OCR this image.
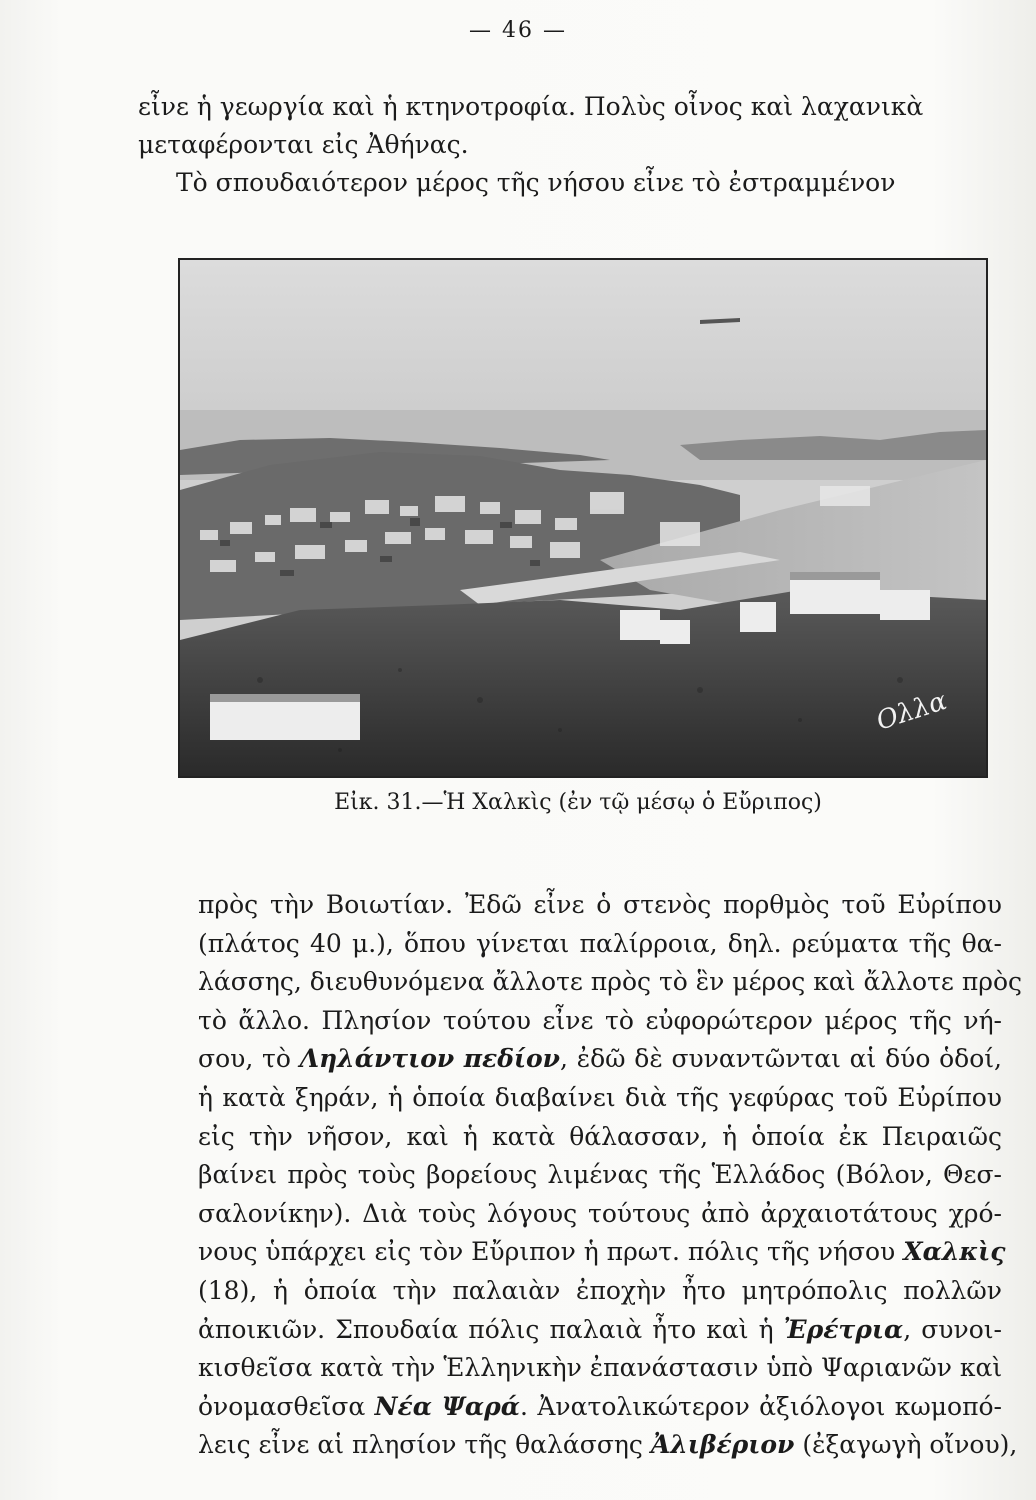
— 46 —

εἶνε ἡ γεωργία καὶ ἡ κτηνοτροφία. Πολὺς οἶνος καὶ λαχανικὰ

μεταφέρονται εἰς Ἀθήνας.

Τὸ σπουδαιότερον μέρος τῆς νήσου εἶνε τὸ ἐστραμμένον

Ολλα
Εἰκ. 31.—Ἡ Χαλκὶς (ἐν τῷ μέσῳ ὁ Εὔριπος)
πρὸς τὴν Βοιωτίαν. Ἐδῶ εἶνε ὁ στενὸς πορθμὸς τοῦ Εὐρίπου
(πλάτος 40 μ.), ὅπου γίνεται παλίρροια, δηλ. ρεύματα τῆς θα-
λάσσης, διευθυνόμενα ἄλλοτε πρὸς τὸ ἓν μέρος καὶ ἄλλοτε πρὸς
τὸ ἄλλο. Πλησίον τούτου εἶνε τὸ εὐφορώτερον μέρος τῆς νή-
σου, τὸ Ληλάντιον πεδίον, ἐδῶ δὲ συναντῶνται αἱ δύο ὁδοί,
ἡ κατὰ ξηράν, ἡ ὁποία διαβαίνει διὰ τῆς γεφύρας τοῦ Εὐρίπου
εἰς τὴν νῆσον, καὶ ἡ κατὰ θάλασσαν, ἡ ὁποία ἐκ Πειραιῶς
βαίνει πρὸς τοὺς βορείους λιμένας τῆς Ἑλλάδος (Βόλον, Θεσ-
σαλονίκην). Διὰ τοὺς λόγους τούτους ἀπὸ ἀρχαιοτάτους χρό-
νους ὑπάρχει εἰς τὸν Εὔριπον ἡ πρωτ. πόλις τῆς νήσου Χαλκὶς
(18), ἡ ὁποία τὴν παλαιὰν ἐποχὴν ἦτο μητρόπολις πολλῶν
ἀποικιῶν. Σπουδαία πόλις παλαιὰ ἦτο καὶ ἡ Ἐρέτρια, συνοι-
κισθεῖσα κατὰ τὴν Ἑλληνικὴν ἐπανάστασιν ὑπὸ Ψαριανῶν καὶ
ὀνομασθεῖσα Νέα Ψαρά. Ἀνατολικώτερον ἀξιόλογοι κωμοπό-
λεις εἶνε αἱ πλησίον τῆς θαλάσσης Ἀλιβέριον (ἐξαγωγὴ οἴνου),
